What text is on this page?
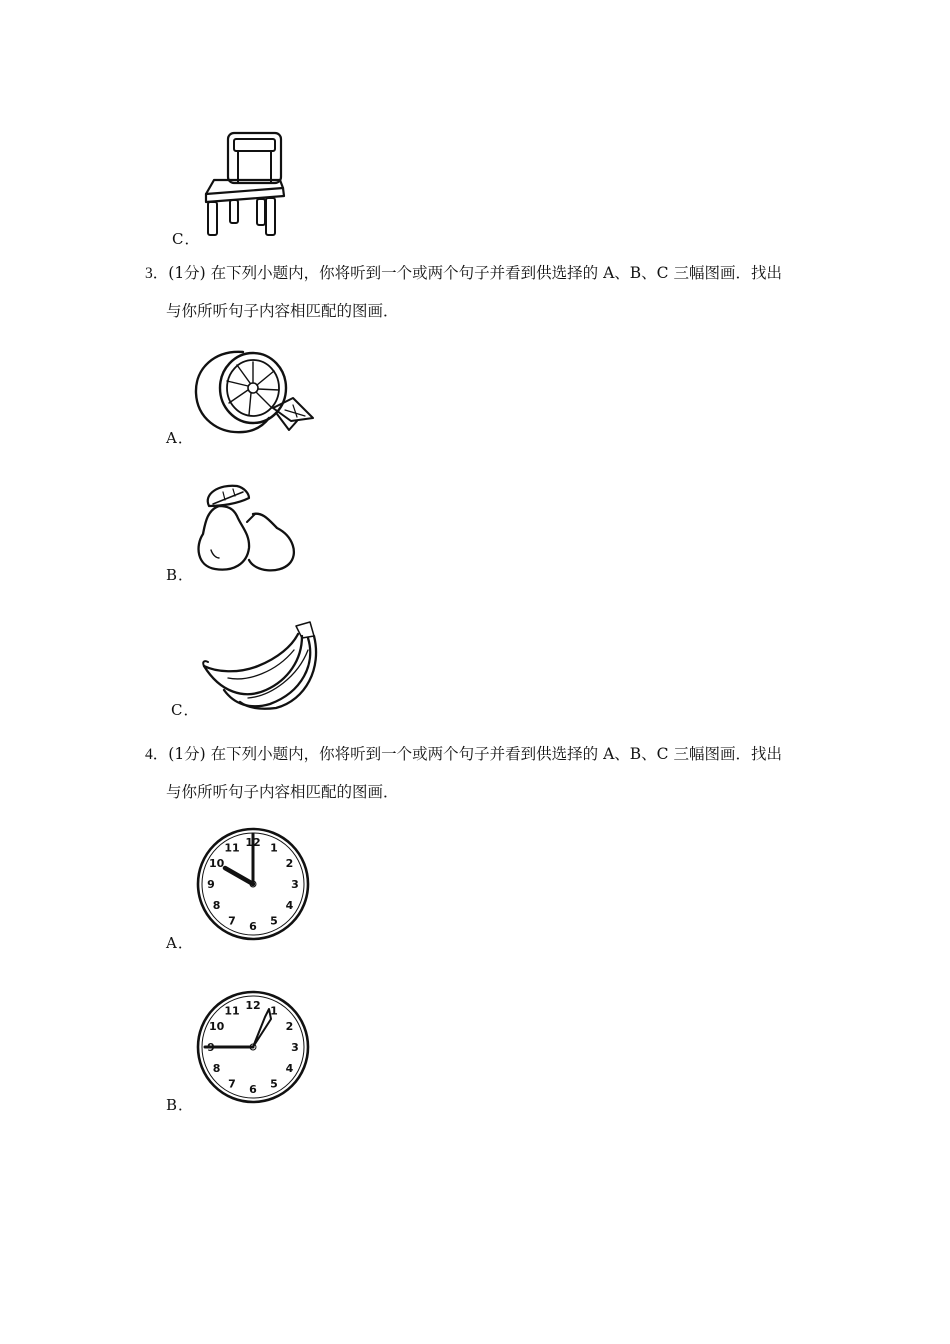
C．
3．(1分) 在下列小题内，你将听到一个或两个句子并看到供选择的 A、B、C 三幅图画．找出
与你所听句子内容相匹配的图画．
A．
B．
C．
4．(1分) 在下列小题内，你将听到一个或两个句子并看到供选择的 A、B、C 三幅图画．找出
与你所听句子内容相匹配的图画．
12 1
2
3
4
5
6
7
8
9
10
11
A．
12 1
2
3
4
5
6
7
8
9
10
11
B．
